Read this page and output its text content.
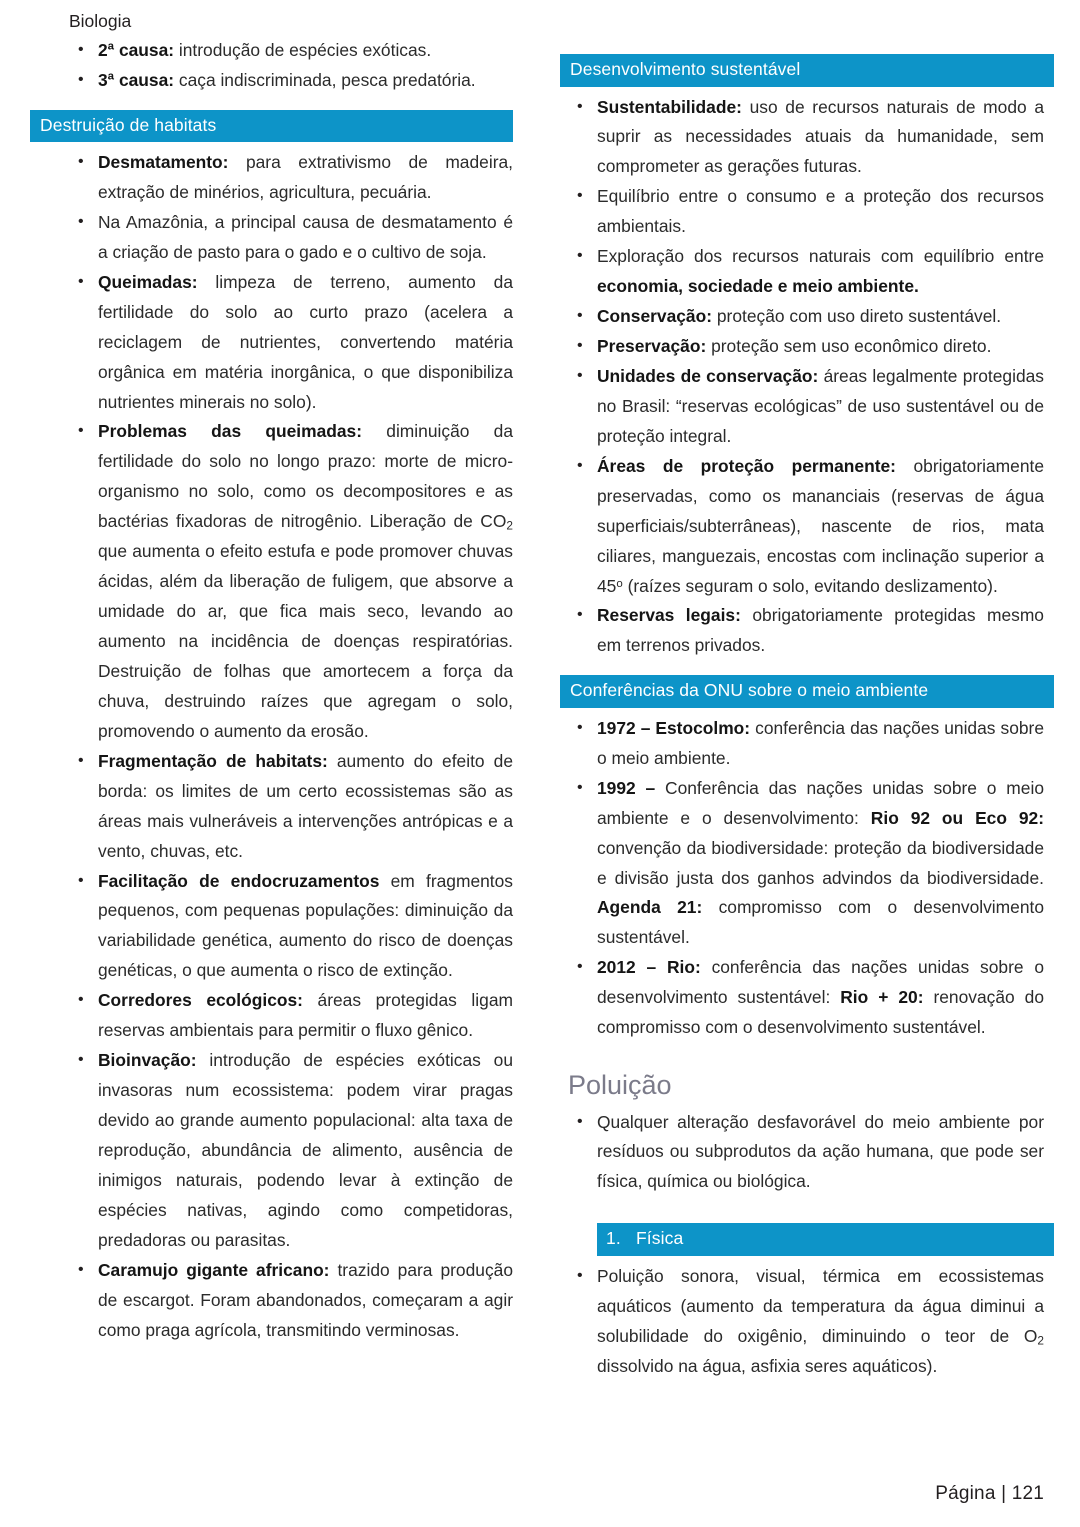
Biologia
• 2ª causa: introdução de espécies exóticas.
• 3ª causa: caça indiscriminada, pesca predatória.
Destruição de habitats
• Desmatamento: para extrativismo de madeira, extração de minérios, agricultura, pecuária.
• Na Amazônia, a principal causa de desmatamento é a criação de pasto para o gado e o cultivo de soja.
• Queimadas: limpeza de terreno, aumento da fertilidade do solo ao curto prazo (acelera a reciclagem de nutrientes, convertendo matéria orgânica em matéria inorgânica, o que disponibiliza nutrientes minerais no solo).
• Problemas das queimadas: diminuição da fertilidade do solo no longo prazo: morte de micro-organismo no solo, como os decompositores e as bactérias fixadoras de nitrogênio. Liberação de $CO_2$ que aumenta o efeito estufa e pode promover chuvas ácidas, além da liberação de fuligem, que absorve a umidade do ar, que fica mais seco, levando ao aumento na incidência de doenças respiratórias. Destruição de folhas que amortecem a força da chuva, destruindo raízes que agregam o solo, promovendo o aumento da erosão.
• Fragmentação de habitats: aumento do efeito de borda: os limites de um certo ecossistemas são as áreas mais vulneráveis a intervenções antrópicas e a vento, chuvas, etc.
• Facilitação de endocruzamentos em fragmentos pequenos, com pequenas populações: diminuição da variabilidade genética, aumento do risco de doenças genéticas, o que aumenta o risco de extinção.
• Corredores ecológicos: áreas protegidas ligam reservas ambientais para permitir o fluxo gênico.
• Bioinvação: introdução de espécies exóticas ou invasoras num ecossistema: podem virar pragas devido ao grande aumento populacional: alta taxa de reprodução, abundância de alimento, ausência de inimigos naturais, podendo levar à extinção de espécies nativas, agindo como competidoras, predadoras ou parasitas.
• Caramujo gigante africano: trazido para produção de escargot. Foram abandonados, começaram a agir como praga agrícola, transmitindo verminosas.
Desenvolvimento sustentável
• Sustentabilidade: uso de recursos naturais de modo a suprir as necessidades atuais da humanidade, sem comprometer as gerações futuras.
• Equilíbrio entre o consumo e a proteção dos recursos ambientais.
• Exploração dos recursos naturais com equilíbrio entre economia, sociedade e meio ambiente.
• Conservação: proteção com uso direto sustentável.
• Preservação: proteção sem uso econômico direto.
• Unidades de conservação: áreas legalmente protegidas no Brasil: “reservas ecológicas” de uso sustentável ou de proteção integral.
• Áreas de proteção permanente: obrigatoriamente preservadas, como os mananciais (reservas de água superficiais/subterrâneas), nascente de rios, mata ciliares, manguezais, encostas com inclinação superior a 45$^o$ (raízes seguram o solo, evitando deslizamento).
• Reservas legais: obrigatoriamente protegidas mesmo em terrenos privados.
Conferências da ONU sobre o meio ambiente
• 1972 – Estocolmo: conferência das nações unidas sobre o meio ambiente.
• 1992 – Conferência das nações unidas sobre o meio ambiente e o desenvolvimento: Rio 92 ou Eco 92: convenção da biodiversidade: proteção da biodiversidade e divisão justa dos ganhos advindos da biodiversidade. Agenda 21: compromisso com o desenvolvimento sustentável.
• 2012 – Rio: conferência das nações unidas sobre o desenvolvimento sustentável: Rio + 20: renovação do compromisso com o desenvolvimento sustentável.
Poluição
• Qualquer alteração desfavorável do meio ambiente por resíduos ou subprodutos da ação humana, que pode ser física, química ou biológica.
1. Física
• Poluição sonora, visual, térmica em ecossistemas aquáticos (aumento da temperatura da água diminui a solubilidade do oxigênio, diminuindo o teor de $O_2$ dissolvido na água, asfixia seres aquáticos).
Página | 121
